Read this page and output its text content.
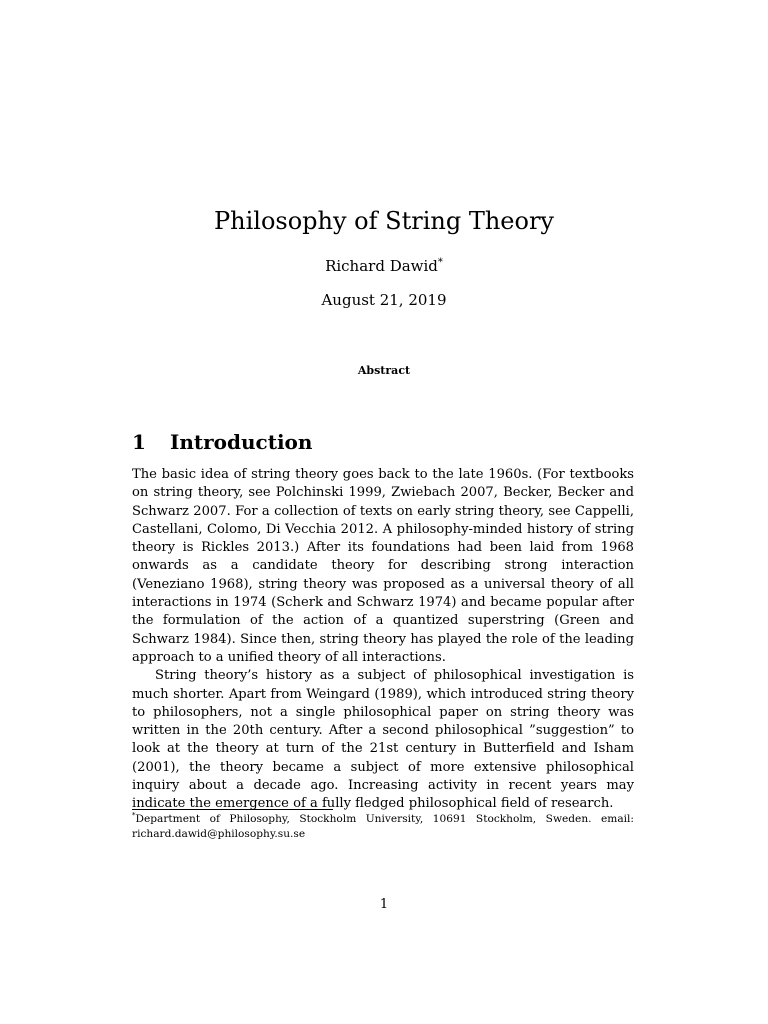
Philosophy of String Theory
Richard Dawid*
August 21, 2019
Abstract
1 Introduction

The basic idea of string theory goes back to the late 1960s. (For textbooks on string theory, see Polchinski 1999, Zwiebach 2007, Becker, Becker and Schwarz 2007. For a collection of texts on early string theory, see Cappelli, Castellani, Colomo, Di Vecchia 2012. A philosophy-minded history of string theory is Rickles 2013.) After its foundations had been laid from 1968 onwards as a candidate theory for describing strong interaction (Veneziano 1968), string theory was proposed as a universal theory of all interactions in 1974 (Scherk and Schwarz 1974) and became popular after the formulation of the action of a quantized superstring (Green and Schwarz 1984). Since then, string theory has played the role of the leading approach to a unified theory of all interactions.

String theory’s history as a subject of philosophical investigation is much shorter. Apart from Weingard (1989), which introduced string theory to philosophers, not a single philosophical paper on string theory was written in the 20th century. After a second philosophical ”suggestion” to look at the theory at turn of the 21st century in Butterfield and Isham (2001), the theory became a subject of more extensive philosophical inquiry about a decade ago. Increasing activity in recent years may indicate the emergence of a fully fledged philosophical field of research.

*Department of Philosophy, Stockholm University, 10691 Stockholm, Sweden. email: richard.dawid@philosophy.su.se
1
